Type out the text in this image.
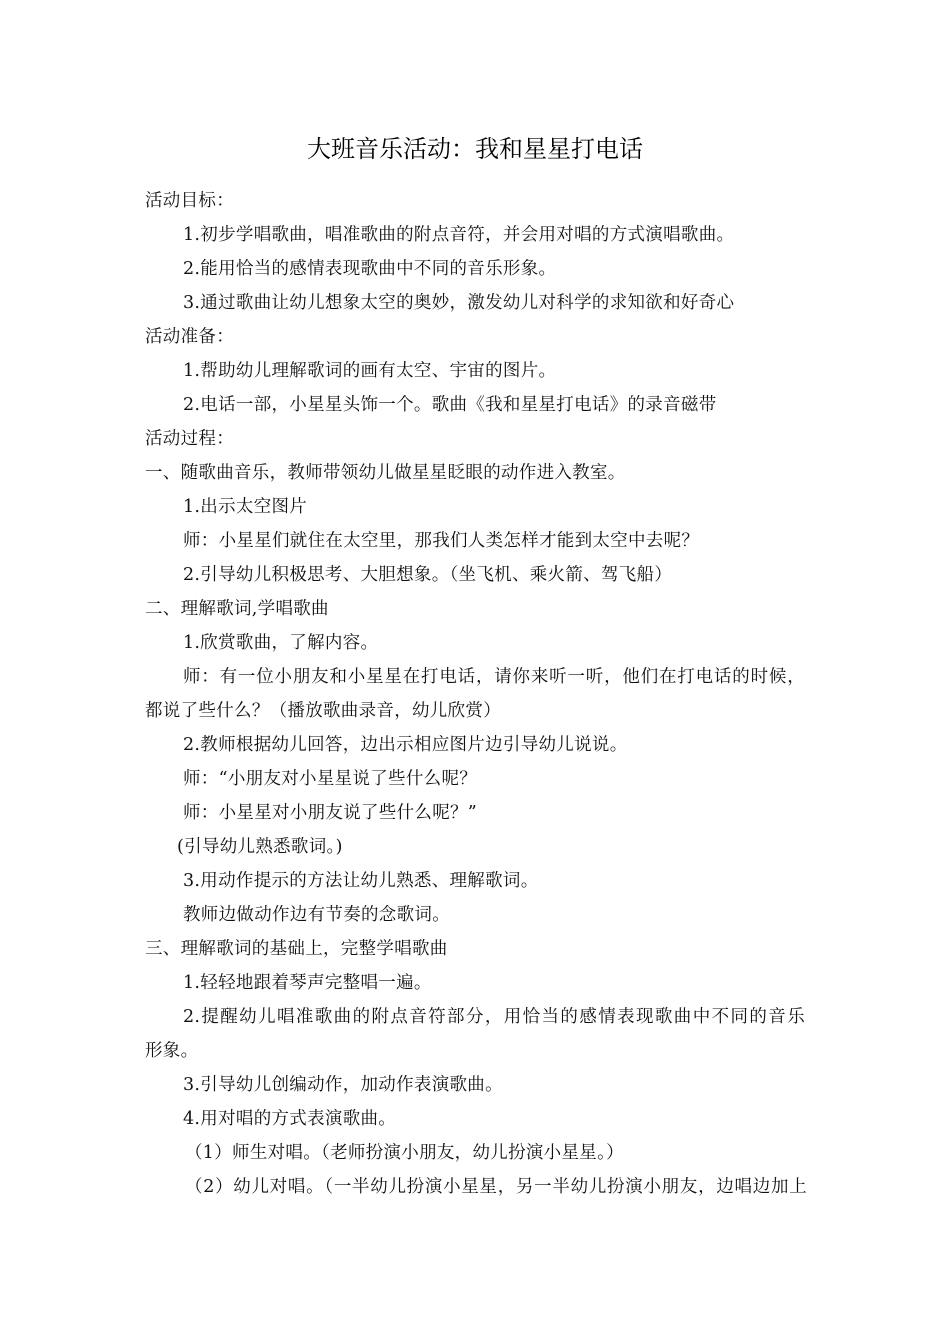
大班音乐活动：我和星星打电话
活动目标：
1.初步学唱歌曲，唱准歌曲的附点音符，并会用对唱的方式演唱歌曲。
2.能用恰当的感情表现歌曲中不同的音乐形象。
3.通过歌曲让幼儿想象太空的奥妙，激发幼儿对科学的求知欲和好奇心
活动准备：
1.帮助幼儿理解歌词的画有太空、宇宙的图片。
2.电话一部，小星星头饰一个。歌曲《我和星星打电话》的录音磁带
活动过程：
一、随歌曲音乐，教师带领幼儿做星星眨眼的动作进入教室。
1.出示太空图片
师：小星星们就住在太空里，那我们人类怎样才能到太空中去呢？
2.引导幼儿积极思考、大胆想象。（坐飞机、乘火箭、驾飞船）
二、理解歌词,学唱歌曲
1.欣赏歌曲，了解内容。
师：有一位小朋友和小星星在打电话，请你来听一听，他们在打电话的时候，
都说了些什么？（播放歌曲录音，幼儿欣赏）
2.教师根据幼儿回答，边出示相应图片边引导幼儿说说。
师：“小朋友对小星星说了些什么呢？
师：小星星对小朋友说了些什么呢？”
(引导幼儿熟悉歌词。)
3.用动作提示的方法让幼儿熟悉、理解歌词。
教师边做动作边有节奏的念歌词。
三、理解歌词的基础上，完整学唱歌曲
1.轻轻地跟着琴声完整唱一遍。
2.提醒幼儿唱准歌曲的附点音符部分，用恰当的感情表现歌曲中不同的音乐
形象。
3.引导幼儿创编动作，加动作表演歌曲。
4.用对唱的方式表演歌曲。
（1）师生对唱。（老师扮演小朋友，幼儿扮演小星星。）
（2）幼儿对唱。（一半幼儿扮演小星星，另一半幼儿扮演小朋友，边唱边加上
